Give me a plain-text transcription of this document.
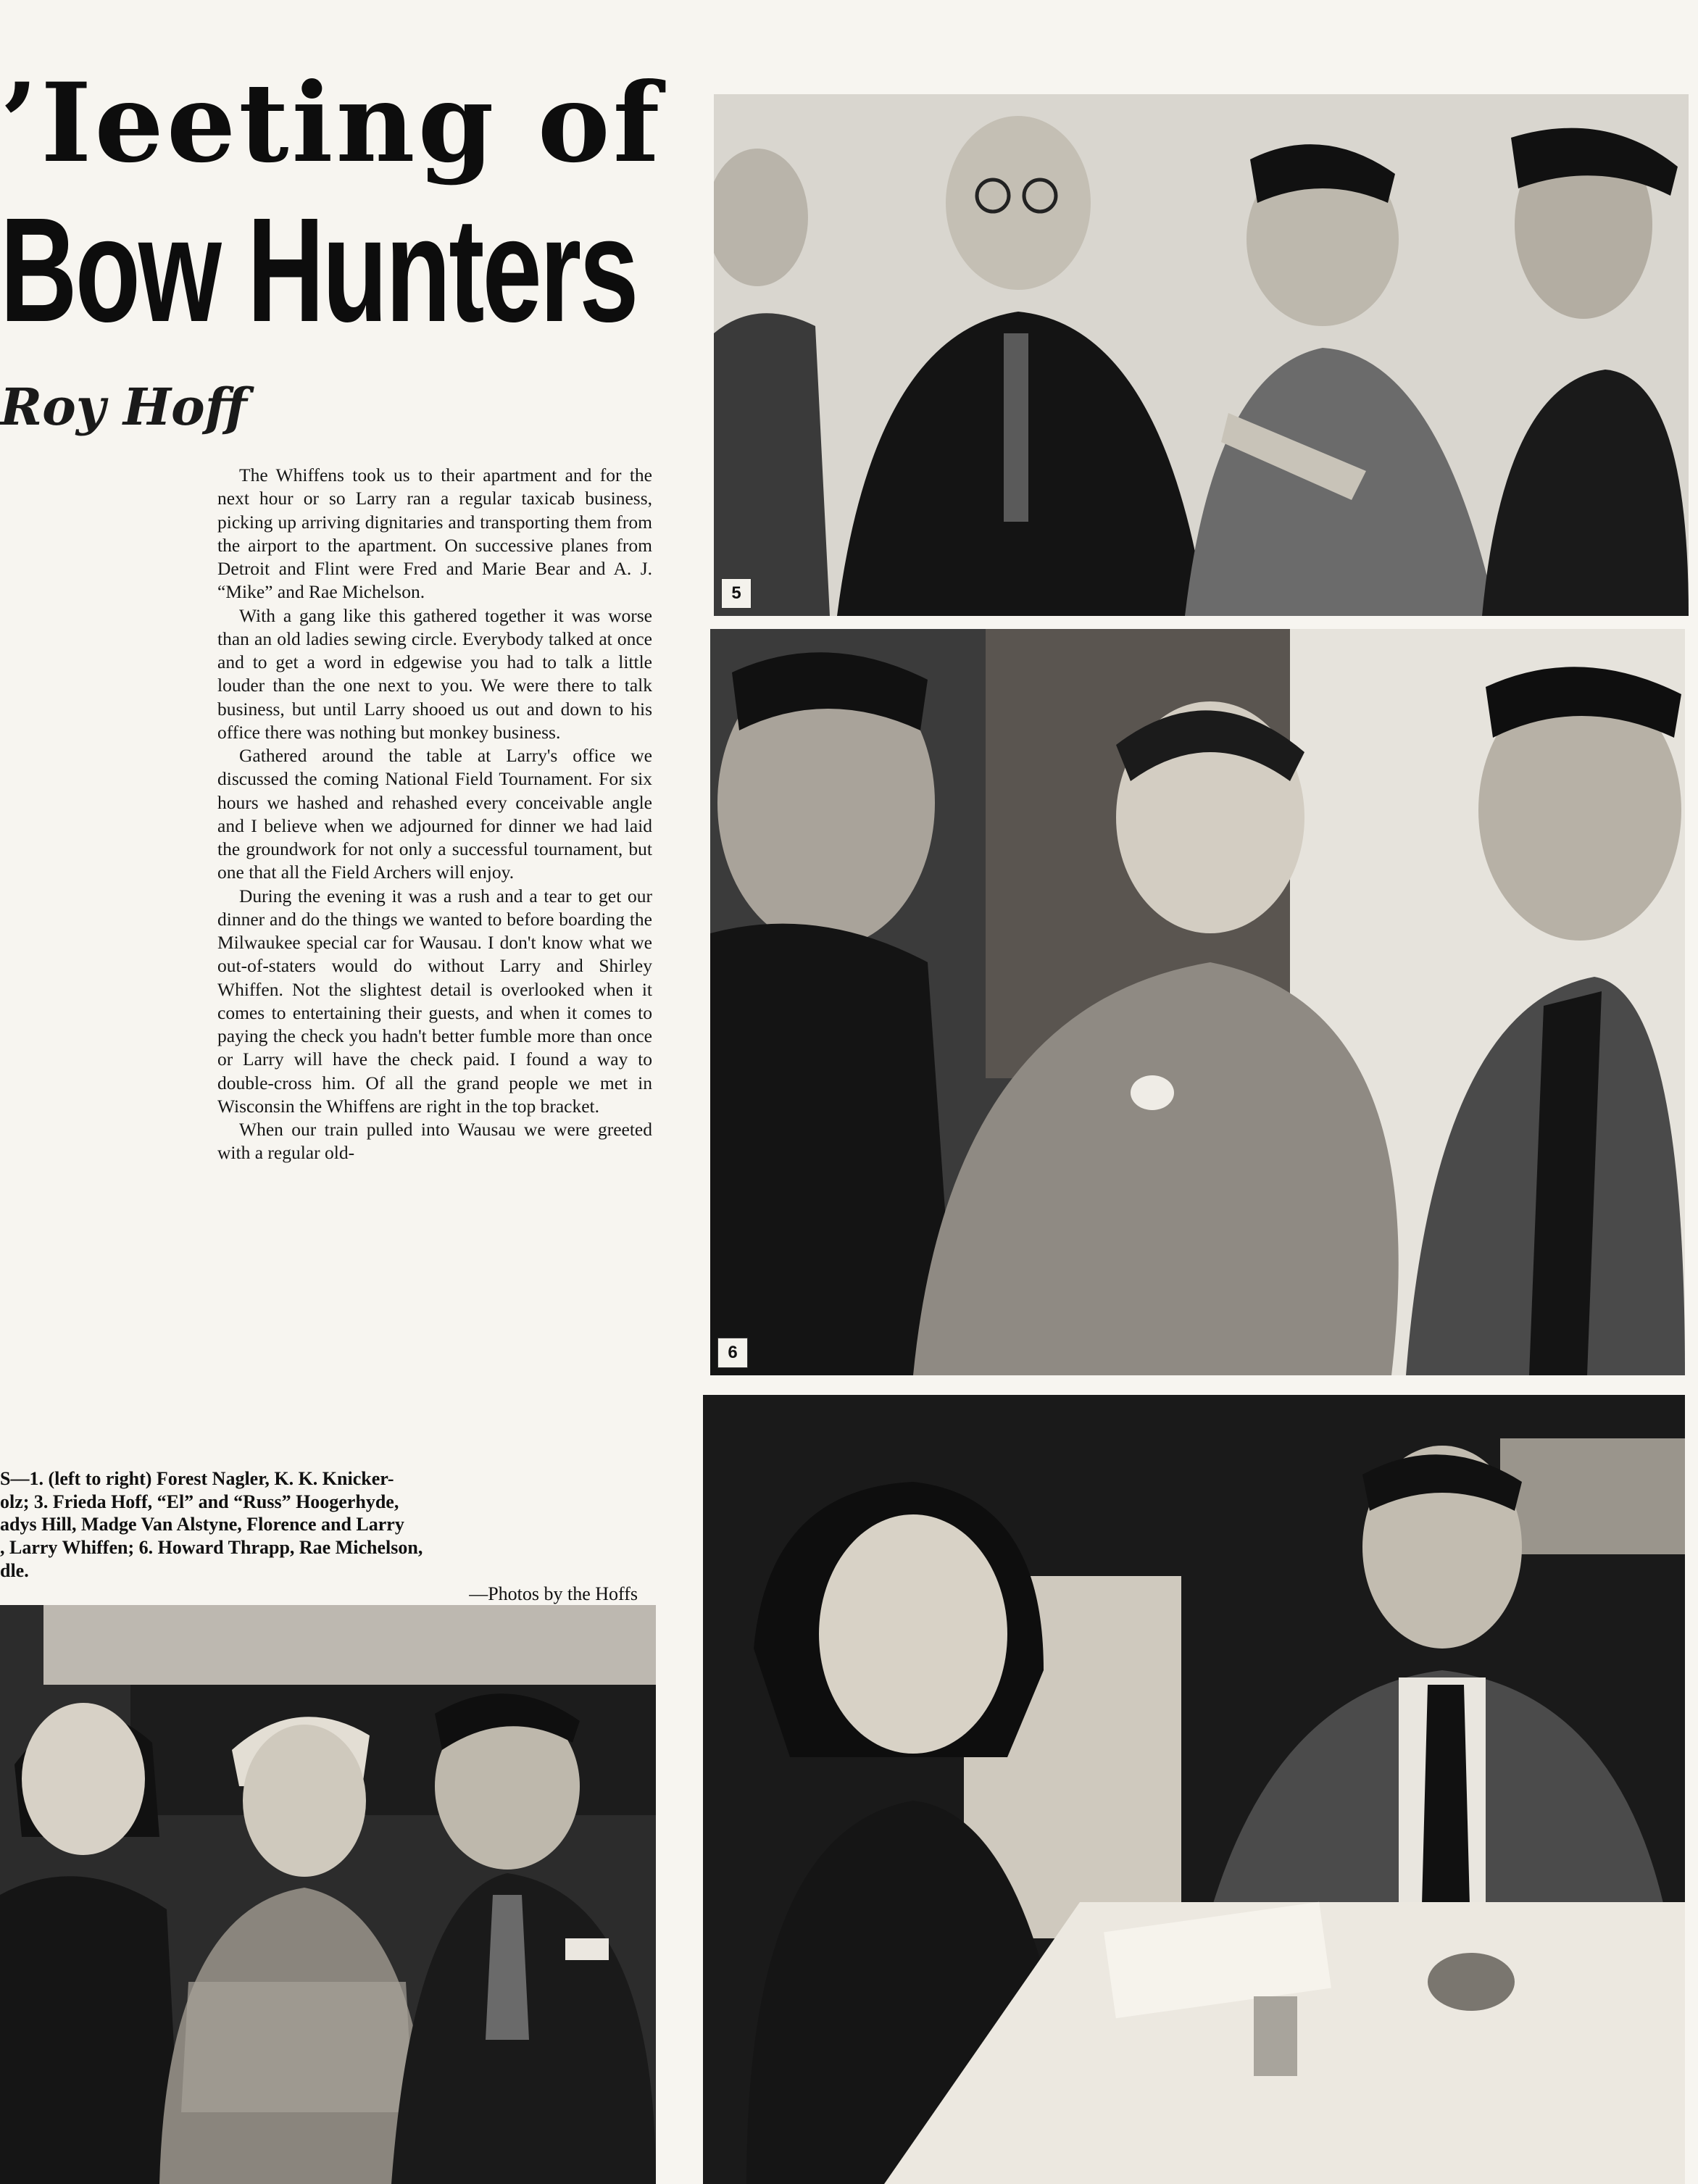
’Ieeting of
Bow Hunters

Roy Hoff

The Whiffens took us to their apartment and for the next hour or so Larry ran a regular taxicab business, picking up arriving dignitaries and transporting them from the airport to the apartment. On successive planes from Detroit and Flint were Fred and Marie Bear and A. J. “Mike” and Rae Michelson.

With a gang like this gathered together it was worse than an old ladies sewing circle. Everybody talked at once and to get a word in edgewise you had to talk a little louder than the one next to you. We were there to talk business, but until Larry shooed us out and down to his office there was nothing but monkey business.

Gathered around the table at Larry's office we discussed the coming National Field Tournament. For six hours we hashed and rehashed every conceivable angle and I believe when we adjourned for dinner we had laid the groundwork for not only a successful tournament, but one that all the Field Archers will enjoy.

During the evening it was a rush and a tear to get our dinner and do the things we wanted to before boarding the Milwaukee special car for Wausau. I don't know what we out-of-staters would do without Larry and Shirley Whiffen. Not the slightest detail is overlooked when it comes to entertaining their guests, and when it comes to paying the check you hadn't better fumble more than once or Larry will have the check paid. I found a way to double-cross him. Of all the grand people we met in Wisconsin the Whiffens are right in the top bracket.

When our train pulled into Wausau we were greeted with a regular old-

S—1. (left to right) Forest Nagler, K. K. Knicker-
olz; 3. Frieda Hoff, “El” and “Russ” Hoogerhyde,
adys Hill, Madge Van Alstyne, Florence and Larry
, Larry Whiffen; 6. Howard Thrapp, Rae Michelson,
dle.
—Photos by the Hoffs
5
6
